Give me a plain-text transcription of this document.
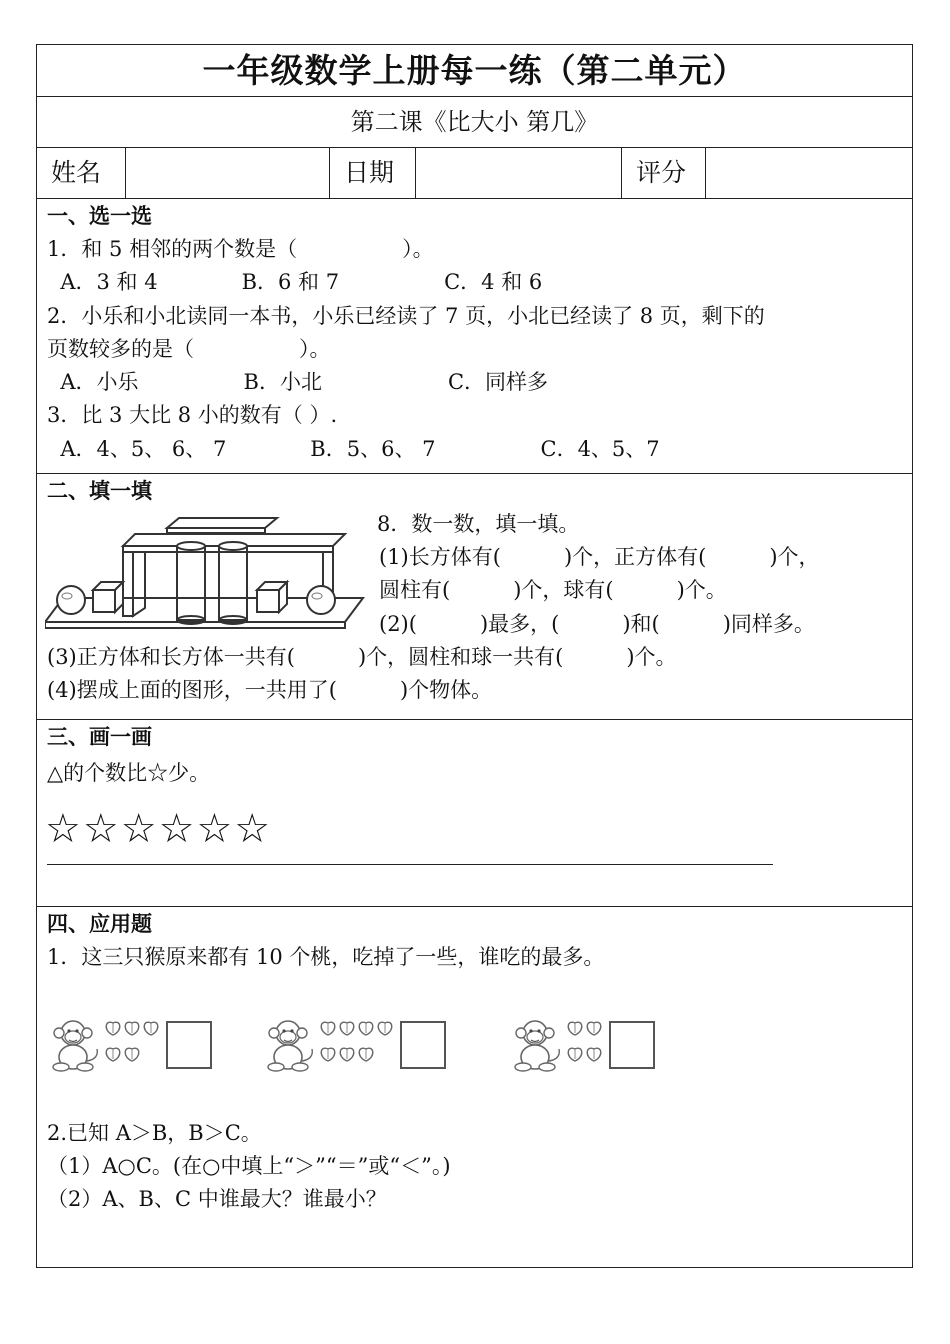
一年级数学上册每一练（第二单元）
第二课《比大小 第几》
姓名	日期	评分
一、选一选
1．和 5 相邻的两个数是（　　　　　）。
A．3 和 4　　　　B．6 和 7　　　　　C．4 和 6
2．小乐和小北读同一本书，小乐已经读了 7 页，小北已经读了 8 页，剩下的
页数较多的是（　　　　　）。
A．小乐　　　　　B．小北　　　　　　C．同样多
3．比 3 大比 8 小的数有（ ）.
A．4、5、 6、 7　　　　B．5、6、 7　　　　　C．4、5、7
二、填一填
8．数一数，填一填。
(1)长方体有(　　　)个，正方体有(　　　)个，
圆柱有(　　　)个，球有(　　　)个。
(2)(　　　)最多，(　　　)和(　　　)同样多。
(3)正方体和长方体一共有(　　　)个，圆柱和球一共有(　　　)个。
(4)摆成上面的图形，一共用了(　　　)个物体。
三、画一画
△的个数比☆少。
☆☆☆☆☆☆
四、应用题
1．这三只猴原来都有 10 个桃，吃掉了一些，谁吃的最多。
2.已知 A＞B，B＞C。
（1）A○C。(在○中填上“＞”“＝”或“＜”。)
（2）A、B、C 中谁最大？谁最小？
